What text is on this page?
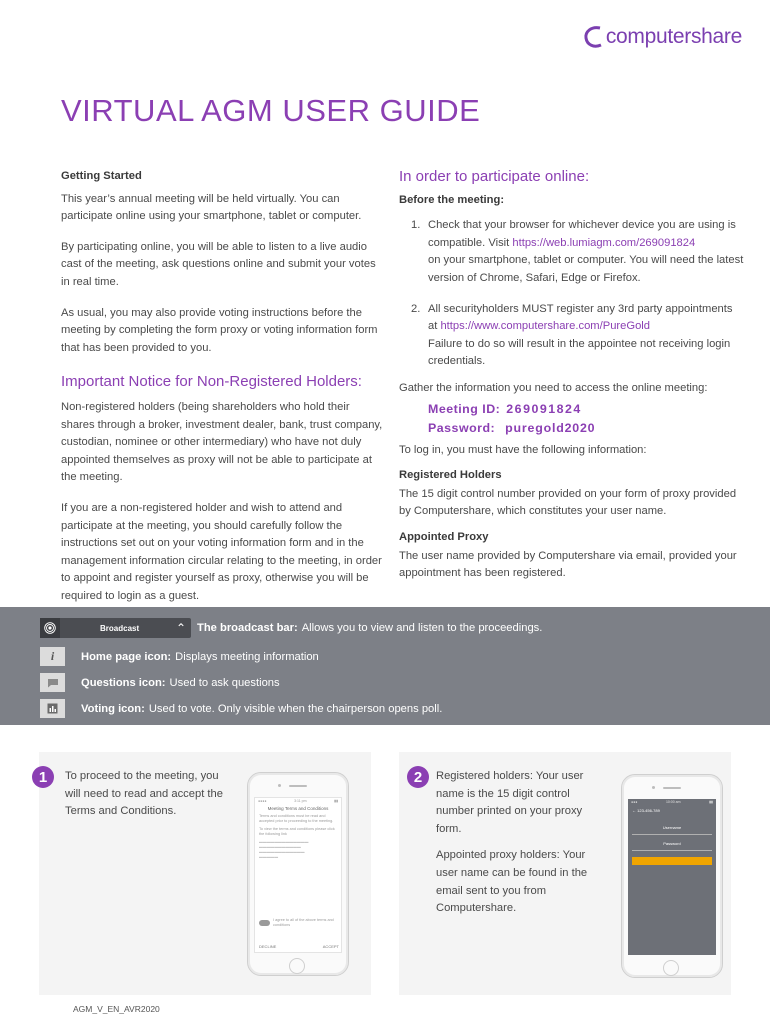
computershare
VIRTUAL AGM USER GUIDE
Getting Started

This year’s annual meeting will be held virtually. You can participate online using your smartphone, tablet or computer.

By participating online, you will be able to listen to a live audio cast of the meeting, ask questions online and submit your votes in real time.

As usual, you may also provide voting instructions before the meeting by completing the form proxy or voting information form that has been provided to you.

Important Notice for Non-Registered Holders:

Non-registered holders (being shareholders who hold their shares through a broker, investment dealer, bank, trust company, custodian, nominee or other intermediary) who have not duly appointed themselves as proxy will not be able to participate at the meeting.

If you are a non-registered holder and wish to attend and participate at the meeting, you should carefully follow the instructions set out on your voting information form and in the management information circular relating to the meeting, in order to appoint and register yourself as proxy, otherwise you will be required to login as a guest.

In order to participate online:
Before the meeting:
1. Check that your browser for whichever device you are using is compatible. Visit https://web.lumiagm.com/269091824
on your smartphone, tablet or computer. You will need the latest version of Chrome, Safari, Edge or Firefox.
2. All securityholders MUST register any 3rd party appointments at https://www.computershare.com/PureGold
Failure to do so will result in the appointee not receiving login credentials.

Gather the information you need to access the online meeting:

Meeting ID: 269091824
Password: puregold2020

To log in, you must have the following information:

Registered Holders

The 15 digit control number provided on your form of proxy provided by Computershare, which constitutes your user name.

Appointed Proxy

The user name provided by Computershare via email, provided your appointment has been registered.

Broadcast	⌃ The broadcast bar: Allows you to view and listen to the proceedings.
i Home page icon: Displays meeting information
Questions icon: Used to ask questions
Voting icon: Used to vote. Only visible when the chairperson opens poll.
1	To proceed to the meeting, you will need to read and accept the Terms and Conditions.
●●●●	3:11 pm	▮▮
Meeting Terms and Conditions

Terms and conditions must be read and accepted prior to proceeding to the meeting.

To view the terms and conditions please click the following link

▬▬▬▬▬▬▬▬▬▬▬▬▬
▬▬▬▬▬▬▬▬▬▬▬
▬▬▬▬▬▬▬▬▬▬▬▬
▬▬▬▬▬

I agree to all of the above terms and conditions
DECLINE	ACCEPT
2	Registered holders: Your user name is the 15 digit control number printed on your proxy form.

Appointed proxy holders: Your user name can be found in the email sent to you from Computershare.

●●●	10:00 am	▮▮
← 123-456-789
Username
Password
AGM_V_EN_AVR2020
